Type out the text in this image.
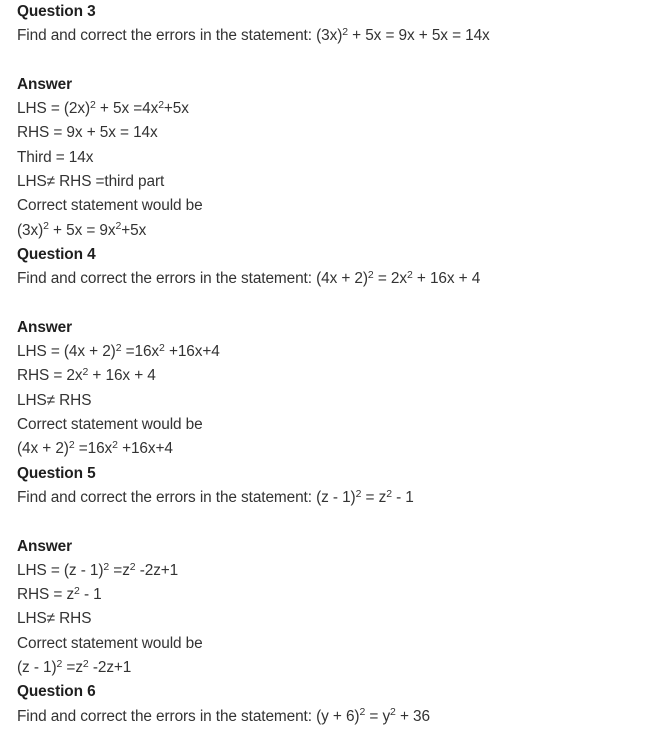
Question 3
Find and correct the errors in the statement: $(3x)^2 + 5x = 9x + 5x = 14x$
Answer
LHS = $(2x)^2 + 5x =4x^2+5x$
RHS = 9x + 5x = 14x
Third = 14x
LHS≠ RHS =third part
Correct statement would be
$(3x)^2 + 5x = 9x^2+5x$
Question 4
Find and correct the errors in the statement: $(4x + 2)^2 = 2x^2 + 16x + 4$
Answer
LHS = $(4x + 2)^2 =16x^2 +16x+4$
RHS = $2x^2 + 16x + 4$
LHS≠ RHS
Correct statement would be
$(4x + 2)^2 =16x^2 +16x+4$
Question 5
Find and correct the errors in the statement: $(z - 1)^2 = z^2 - 1$
Answer
LHS = $(z - 1)^2 =z^2$ -2z+1
RHS = $z^2 - 1$
LHS≠ RHS
Correct statement would be
$(z - 1)^2 =z^2$ -2z+1
Question 6
Find and correct the errors in the statement: $(y + 6)^2 = y^2 + 36$
